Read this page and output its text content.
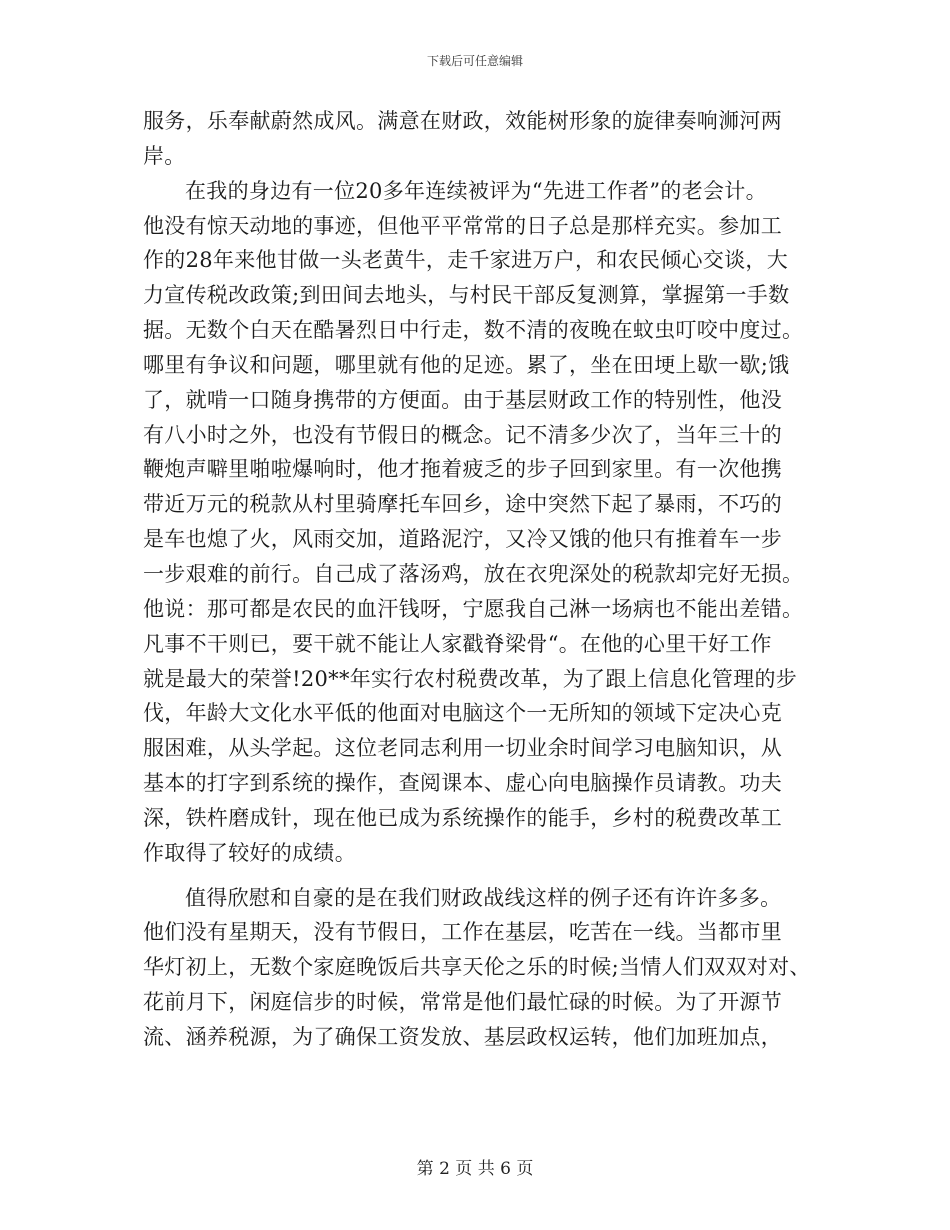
下载后可任意编辑
服务，乐奉献蔚然成风。满意在财政，效能树形象的旋律奏响浉河两
岸。
在我的身边有一位20多年连续被评为“先进工作者”的老会计。
他没有惊天动地的事迹，但他平平常常的日子总是那样充实。参加工
作的28年来他甘做一头老黄牛，走千家进万户，和农民倾心交谈，大
力宣传税改政策;到田间去地头，与村民干部反复测算，掌握第一手数
据。无数个白天在酷暑烈日中行走，数不清的夜晚在蚊虫叮咬中度过。
哪里有争议和问题，哪里就有他的足迹。累了，坐在田埂上歇一歇;饿
了，就啃一口随身携带的方便面。由于基层财政工作的特别性，他没
有八小时之外，也没有节假日的概念。记不清多少次了，当年三十的
鞭炮声噼里啪啦爆响时，他才拖着疲乏的步子回到家里。有一次他携
带近万元的税款从村里骑摩托车回乡，途中突然下起了暴雨，不巧的
是车也熄了火，风雨交加，道路泥泞，又冷又饿的他只有推着车一步
一步艰难的前行。自己成了落汤鸡，放在衣兜深处的税款却完好无损。
他说：那可都是农民的血汗钱呀，宁愿我自己淋一场病也不能出差错。
凡事不干则已，要干就不能让人家戳脊梁骨“。在他的心里干好工作
就是最大的荣誉!20**年实行农村税费改革，为了跟上信息化管理的步
伐，年龄大文化水平低的他面对电脑这个一无所知的领域下定决心克
服困难，从头学起。这位老同志利用一切业余时间学习电脑知识，从
基本的打字到系统的操作，查阅课本、虚心向电脑操作员请教。功夫
深，铁杵磨成针，现在他已成为系统操作的能手，乡村的税费改革工
作取得了较好的成绩。
值得欣慰和自豪的是在我们财政战线这样的例子还有许许多多。
他们没有星期天，没有节假日，工作在基层，吃苦在一线。当都市里
华灯初上，无数个家庭晚饭后共享天伦之乐的时候;当情人们双双对对、
花前月下，闲庭信步的时候，常常是他们最忙碌的时候。为了开源节
流、涵养税源，为了确保工资发放、基层政权运转，他们加班加点，
第 2 页 共 6 页
